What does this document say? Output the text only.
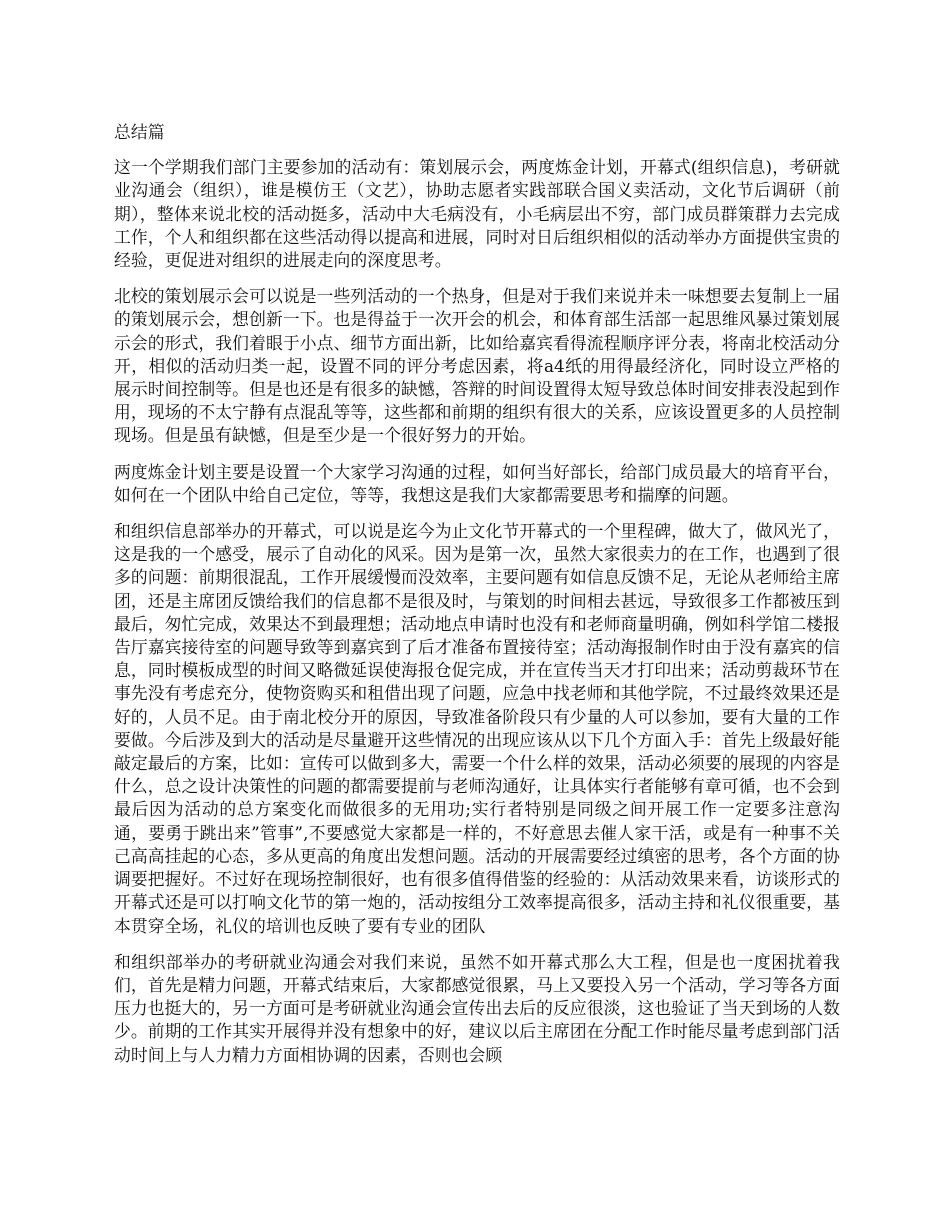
总结篇

这一个学期我们部门主要参加的活动有：策划展示会，两度炼金计划，开幕式(组织信息)，考研就业沟通会（组织），谁是模仿王（文艺），协助志愿者实践部联合国义卖活动，文化节后调研（前期），整体来说北校的活动挺多，活动中大毛病没有，小毛病层出不穷，部门成员群策群力去完成工作，个人和组织都在这些活动得以提高和进展，同时对日后组织相似的活动举办方面提供宝贵的经验，更促进对组织的进展走向的深度思考。

北校的策划展示会可以说是一些列活动的一个热身，但是对于我们来说并未一味想要去复制上一届的策划展示会，想创新一下。也是得益于一次开会的机会，和体育部生活部一起思维风暴过策划展示会的形式，我们着眼于小点、细节方面出新，比如给嘉宾看得流程顺序评分表，将南北校活动分开，相似的活动归类一起，设置不同的评分考虑因素，将a4纸的用得最经济化，同时设立严格的展示时间控制等。但是也还是有很多的缺憾，答辩的时间设置得太短导致总体时间安排表没起到作用，现场的不太宁静有点混乱等等，这些都和前期的组织有很大的关系，应该设置更多的人员控制现场。但是虽有缺憾，但是至少是一个很好努力的开始。

两度炼金计划主要是设置一个大家学习沟通的过程，如何当好部长，给部门成员最大的培育平台，如何在一个团队中给自己定位，等等，我想这是我们大家都需要思考和揣摩的问题。

和组织信息部举办的开幕式，可以说是迄今为止文化节开幕式的一个里程碑，做大了，做风光了，这是我的一个感受，展示了自动化的风采。因为是第一次，虽然大家很卖力的在工作，也遇到了很多的问题：前期很混乱，工作开展缓慢而没效率，主要问题有如信息反馈不足，无论从老师给主席团，还是主席团反馈给我们的信息都不是很及时，与策划的时间相去甚远，导致很多工作都被压到最后，匆忙完成，效果达不到最理想；活动地点申请时也没有和老师商量明确，例如科学馆二楼报告厅嘉宾接待室的问题导致等到嘉宾到了后才准备布置接待室；活动海报制作时由于没有嘉宾的信息，同时模板成型的时间又略微延误使海报仓促完成，并在宣传当天才打印出来；活动剪裁环节在事先没有考虑充分，使物资购买和租借出现了问题，应急中找老师和其他学院，不过最终效果还是好的，人员不足。由于南北校分开的原因，导致准备阶段只有少量的人可以参加，要有大量的工作要做。今后涉及到大的活动是尽量避开这些情况的出现应该从以下几个方面入手：首先上级最好能敲定最后的方案，比如：宣传可以做到多大，需要一个什么样的效果，活动必须要的展现的内容是什么，总之设计决策性的问题的都需要提前与老师沟通好，让具体实行者能够有章可循，也不会到最后因为活动的总方案变化而做很多的无用功;实行者特别是同级之间开展工作一定要多注意沟通，要勇于跳出来”管事”,不要感觉大家都是一样的，不好意思去催人家干活，或是有一种事不关己高高挂起的心态，多从更高的角度出发想问题。活动的开展需要经过缜密的思考，各个方面的协调要把握好。不过好在现场控制很好，也有很多值得借鉴的经验的：从活动效果来看，访谈形式的开幕式还是可以打响文化节的第一炮的，活动按组分工效率提高很多，活动主持和礼仪很重要，基本贯穿全场，礼仪的培训也反映了要有专业的团队

和组织部举办的考研就业沟通会对我们来说，虽然不如开幕式那么大工程，但是也一度困扰着我们，首先是精力问题，开幕式结束后，大家都感觉很累，马上又要投入另一个活动，学习等各方面压力也挺大的，另一方面可是考研就业沟通会宣传出去后的反应很淡，这也验证了当天到场的人数少。前期的工作其实开展得并没有想象中的好，建议以后主席团在分配工作时能尽量考虑到部门活动时间上与人力精力方面相协调的因素，否则也会顾
